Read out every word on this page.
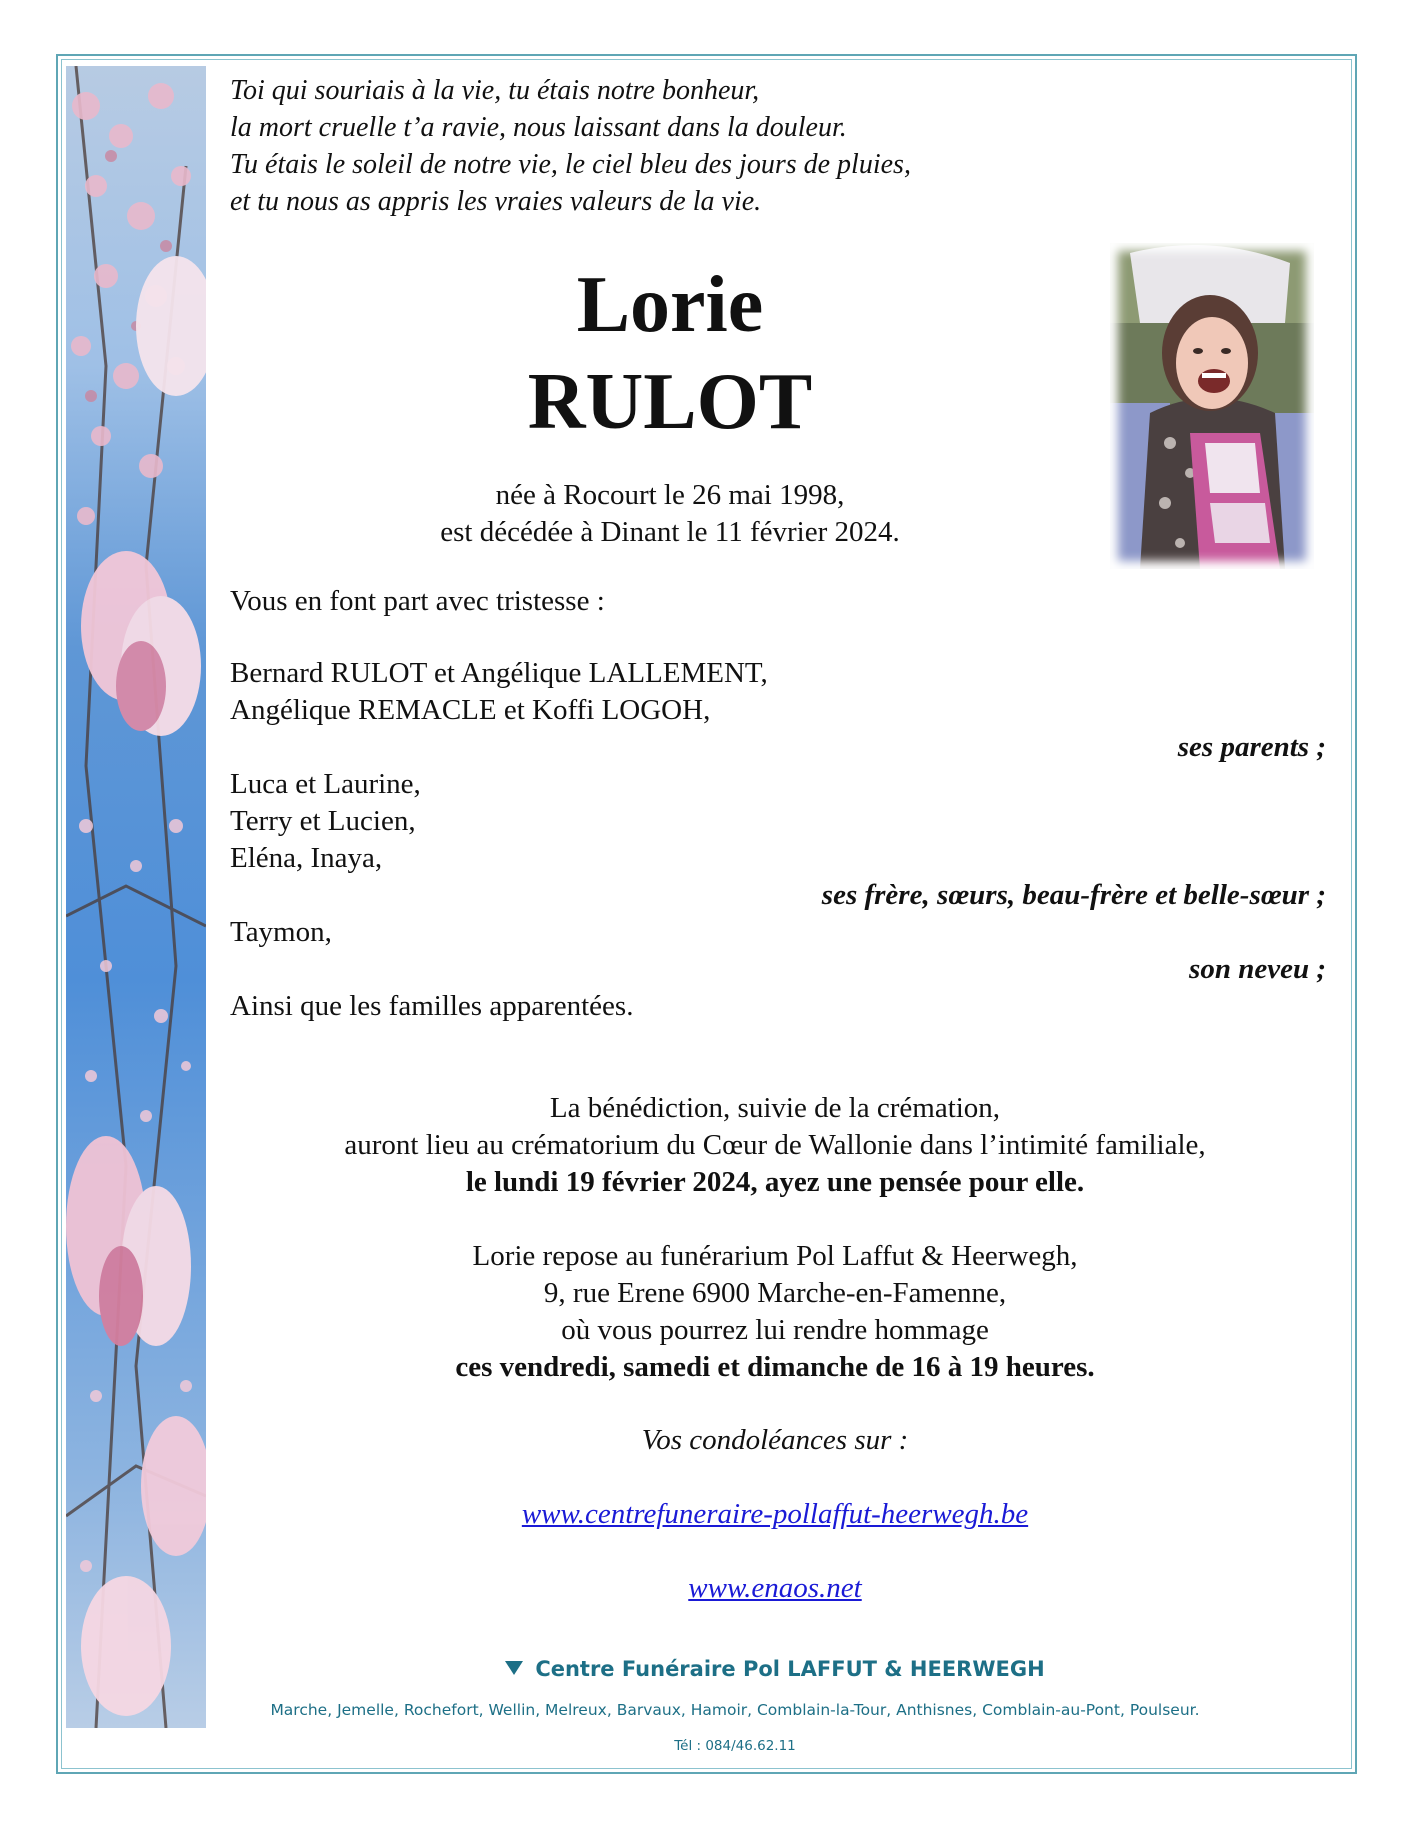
Toi qui souriais à la vie, tu étais notre bonheur,
la mort cruelle t’a ravie, nous laissant dans la douleur.
Tu étais le soleil de notre vie, le ciel bleu des jours de pluies,
et tu nous as appris les vraies valeurs de la vie.
Lorie
RULOT
née à Rocourt le 26 mai 1998,
est décédée à Dinant le 11 février 2024.
Vous en font part avec tristesse :
Bernard RULOT et Angélique LALLEMENT,
Angélique REMACLE et Koffi LOGOH,
ses parents ;
Luca et Laurine,
Terry et Lucien,
Eléna, Inaya,
ses frère, sœurs, beau-frère et belle-sœur ;
Taymon,
son neveu ;
Ainsi que les familles apparentées.
La bénédiction, suivie de la crémation,
auront lieu au crématorium du Cœur de Wallonie dans l’intimité familiale,
le lundi 19 février 2024, ayez une pensée pour elle.
Lorie repose au funérarium Pol Laffut & Heerwegh,
9, rue Erene 6900 Marche-en-Famenne,
où vous pourrez lui rendre hommage
ces vendredi, samedi et dimanche de 16 à 19 heures.
Vos condoléances sur :
www.centrefuneraire-pollaffut-heerwegh.be
www.enaos.net
Centre Funéraire Pol LAFFUT & HEERWEGH
Marche, Jemelle, Rochefort, Wellin, Melreux, Barvaux, Hamoir, Comblain-la-Tour, Anthisnes, Comblain-au-Pont, Poulseur.
Tél : 084/46.62.11
